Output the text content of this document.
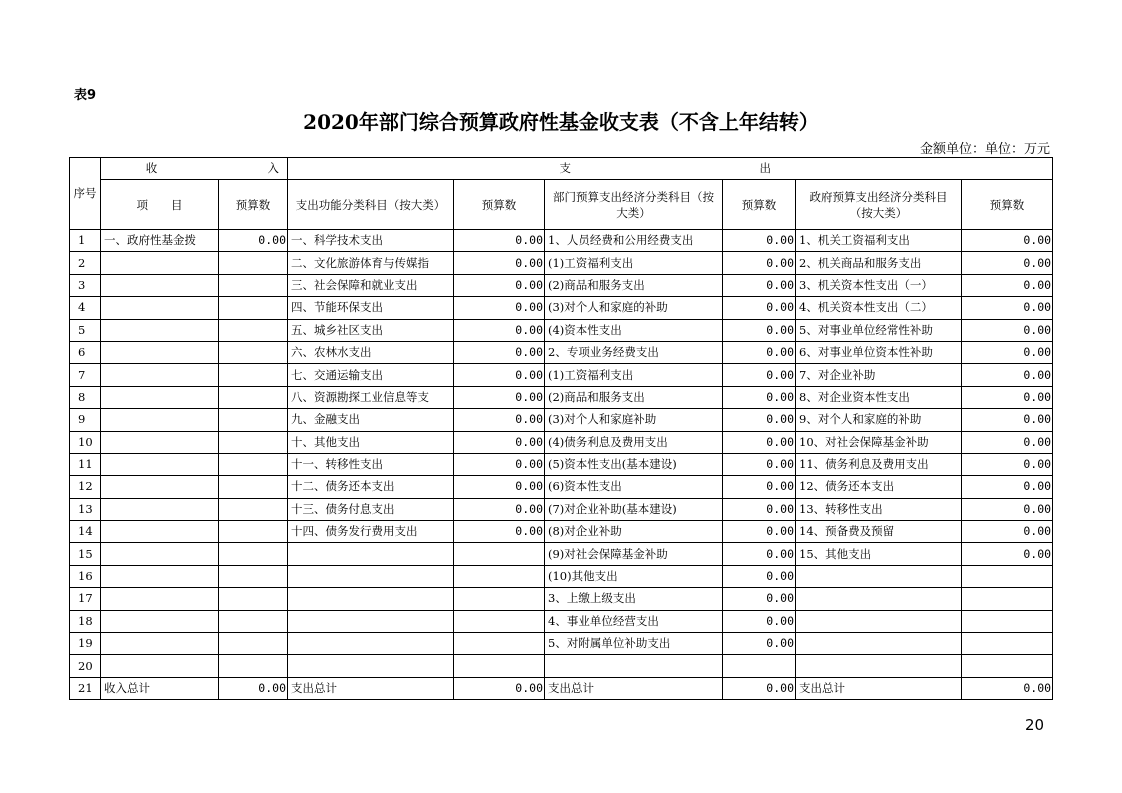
表9
2020年部门综合预算政府性基金收支表（不含上年结转）
金额单位：单位：万元
序号	收 入		支 出					
	项　　目	预算数	支出功能分类科目（按大类）	预算数	部门预算支出经济分类科目（按大类）	预算数	政府预算支出经济分类科目（按大类）	预算数
1	一、政府性基金拨	0.00	一、科学技术支出	0.00	1、人员经费和公用经费支出	0.00	1、机关工资福利支出	0.00
2			二、文化旅游体育与传媒指	0.00	(1)工资福利支出	0.00	2、机关商品和服务支出	0.00
3			三、社会保障和就业支出	0.00	(2)商品和服务支出	0.00	3、机关资本性支出（一）	0.00
4			四、节能环保支出	0.00	(3)对个人和家庭的补助	0.00	4、机关资本性支出（二）	0.00
5			五、城乡社区支出	0.00	(4)资本性支出	0.00	5、对事业单位经常性补助	0.00
6			六、农林水支出	0.00	2、专项业务经费支出	0.00	6、对事业单位资本性补助	0.00
7			七、交通运输支出	0.00	(1)工资福利支出	0.00	7、对企业补助	0.00
8			八、资源勘探工业信息等支	0.00	(2)商品和服务支出	0.00	8、对企业资本性支出	0.00
9			九、金融支出	0.00	(3)对个人和家庭补助	0.00	9、对个人和家庭的补助	0.00
10			十、其他支出	0.00	(4)债务利息及费用支出	0.00	10、对社会保障基金补助	0.00
11			十一、转移性支出	0.00	(5)资本性支出(基本建设)	0.00	11、债务利息及费用支出	0.00
12			十二、债务还本支出	0.00	(6)资本性支出	0.00	12、债务还本支出	0.00
13			十三、债务付息支出	0.00	(7)对企业补助(基本建设)	0.00	13、转移性支出	0.00
14			十四、债务发行费用支出	0.00	(8)对企业补助	0.00	14、预备费及预留	0.00
15					(9)对社会保障基金补助	0.00	15、其他支出	0.00
16					(10)其他支出	0.00		
17					3、上缴上级支出	0.00		
18					4、事业单位经营支出	0.00		
19					5、对附属单位补助支出	0.00		
20								
21	收入总计	0.00	支出总计	0.00	支出总计	0.00	支出总计	0.00
20
